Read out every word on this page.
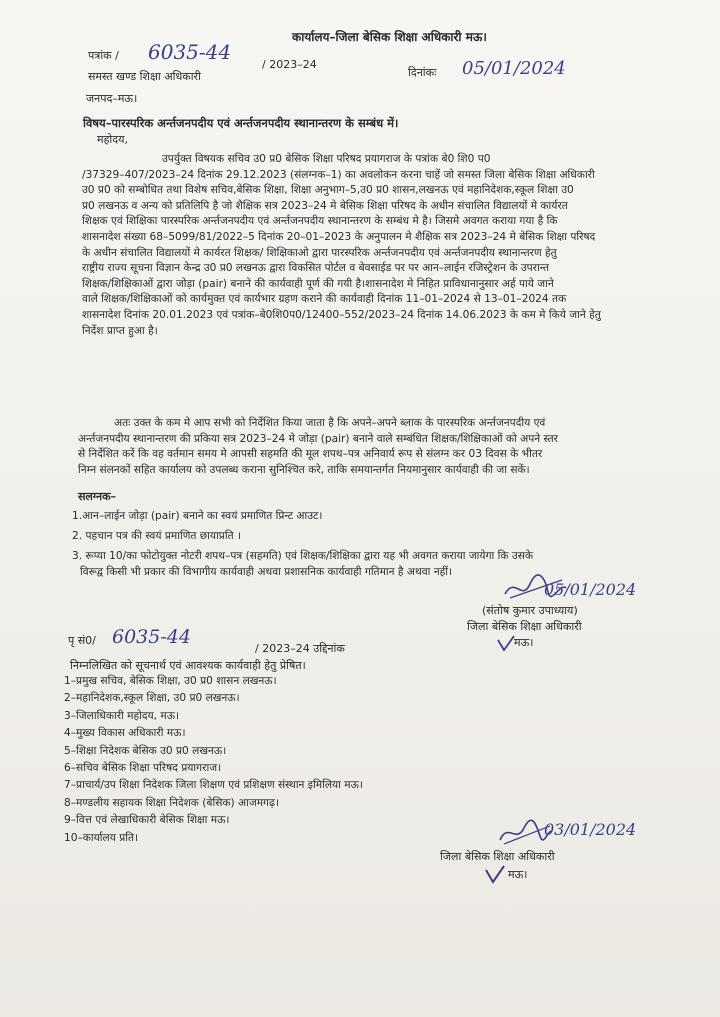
कार्यालय–जिला बेसिक शिक्षा अधिकारी मऊ।
पत्रांक / 6035-44
/ 2023–24
दिनांकः 05/01/2024
समस्त खण्ड शिक्षा अधिकारी
जनपद–मऊ।
विषय–पारस्परिक अर्न्तजनपदीय एवं अर्न्तजनपदीय स्थानान्तरण के सम्बंध में।
महोदय,
उपर्युक्त विषयक सचिव उ0 प्र0 बेसिक शिक्षा परिषद प्रयागराज के पत्रांक बे0 शि0 प0
/37329–407/2023–24 दिनांक 29.12.2023 (संलग्नक–1) का अवलोकन करना चाहें जो समस्त जिला बेसिक शिक्षा अधिकारी
उ0 प्र0 को सम्बोधित तथा विशेष सचिव,बेसिक शिक्षा, शिक्षा अनुभाग–5,उ0 प्र0 शासन,लखनऊ एवं महानिदेशक,स्कूल शिक्षा उ0
प्र0 लखनऊ व अन्य को प्रतिलिपि है जो शैक्षिक सत्र 2023–24 मे बेसिक शिक्षा परिषद के अधीन संचालित विद्यालयों मे कार्यरत
शिक्षक एवं शिक्षिका पारस्परिक अर्न्तजनपदीय एवं अर्न्तजनपदीय स्थानान्तरण के सम्बंध मे है। जिसमे अवगत कराया गया है कि
शासनादेश संख्या 68–5099/81/2022–5 दिनांक 20–01–2023 के अनुपालन मे शैक्षिक सत्र 2023–24 मे बेसिक शिक्षा परिषद
के अधीन संचालित विद्यालयों मे कार्यरत शिक्षक/ शिक्षिकाओ द्वारा पारस्परिक अर्न्तजनपदीय एवं अर्न्तजनपदीय स्थानान्तरण हेतु
राष्ट्रीय राज्य सूचना विज्ञान केन्द्र उ0 प्र0 लखनऊ द्वारा विकसित पोर्टल व बेवसाईड पर पर आन–लाईन रजिस्ट्रेशन के उपरान्त
शिक्षक/शिक्षिकाओं द्वारा जोड़ा (pair) बनाने की कार्यवाही पूर्ण की गयी है।शासनादेश मे निहित प्राविधानानुसार अर्ह पाये जाने
वाले शिक्षक/शिक्षिकाओं को कार्यमुक्त एवं कार्यभार ग्रहण कराने की कार्यवाही दिनांक 11–01–2024 से 13–01–2024 तक
शासनादेश दिनांक 20.01.2023 एवं पत्रांक–बे0शि0प0/12400–552/2023–24 दिनांक 14.06.2023 के कम मे किये जाने हेतु
निर्देश प्राप्त हुआ है।
अतः उक्त के कम मे आप सभी को निर्देशित किया जाता है कि अपने–अपने ब्लाक के पारस्परिक अर्न्तजनपदीय एवं
अर्न्तजनपदीय स्थानान्तरण की प्रकिया सत्र 2023–24 मे जोड़ा (pair) बनाने वाले सम्बंधित शिक्षक/शिक्षिकाओं को अपने स्तर
से निर्देशित करें कि वह वर्तमान समय मे आपसी सहमति की मूल शपथ–पत्र अनिवार्य रूप से संलग्न कर 03 दिवस के भीतर
निम्न संलनकों सहित कार्यालय को उपलब्ध कराना सुनिश्चित करे, ताकि समयान्तर्गत नियमानुसार कार्यवाही की जा सकें।
सलग्नक–
1.आन–लाईन जोड़ा (pair) बनाने का स्वयं प्रमाणित प्रिन्ट आउट।
2. पहचान पत्र की स्वयं प्रमाणित छायाप्रति ।
3. रूप्या 10/का फोटोयुक्त नोटरी शपथ–पत्र (सहमति) एवं शिक्षक/शिक्षिका द्वारा यह भी अवगत कराया जायेगा कि उसके
विरूद्व किसी भी प्रकार की विभागीय कार्यवाही अथवा प्रशासनिक कार्यवाही गतिमान है अथवा नहीं।
05/01/2024
(संतोष कुमार उपाध्याय)
जिला बेसिक शिक्षा अधिकारी
मऊ।
पृ सं0/ 6035-44
/ 2023–24 उद्दिनांक
निम्नलिखित को सूचनार्थ एवं आवश्यक कार्यवाही हेतु प्रेषित।
1–प्रमुख सचिव, बेसिक शिक्षा, उ0 प्र0 शासन लखनऊ।
2–महानिदेशक,स्कूल शिक्षा, उ0 प्र0 लखनऊ।
3–जिलाधिकारी महोदय, मऊ।
4–मुख्य विकास अधिकारी मऊ।
5–शिक्षा निदेशक बेसिक उ0 प्र0 लखनऊ।
6–सचिव बेसिक शिक्षा परिषद प्रयागराज।
7–प्राचार्य/उप शिक्षा निदेशक जिला शिक्षण एवं प्रशिक्षण संस्थान इमिलिया मऊ।
8–मण्डलीय सहायक शिक्षा निदेशक (बेसिक) आजमगढ़।
9–वित्त एवं लेखाधिकारी बेसिक शिक्षा मऊ।
10–कार्यालय प्रति।	03/01/2024
जिला बेसिक शिक्षा अधिकारी
मऊ।
